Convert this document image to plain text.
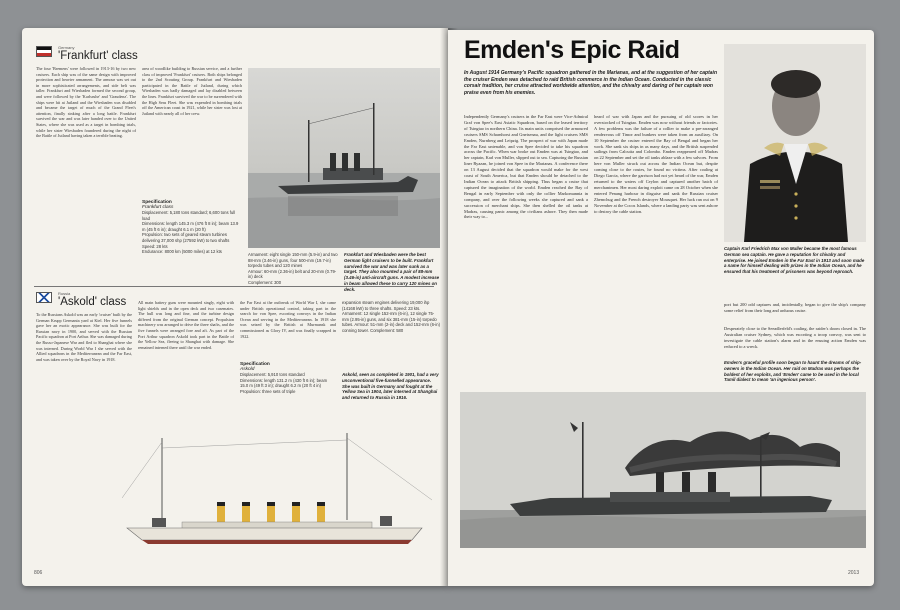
Germany
'Frankfurt' class
The four 'Bremens' were followed in 1913-16 by two new cruisers. Each ship was of the same design with improved protection and heavier armament. The armour was set out in more sophisticated arrangements, and side belt was taller. Frankfurt and Wiesbaden formed the second group, and were followed by the 'Karlsruhe' and 'Graudenz'. The ships were hit at Jutland and the Wiesbaden was disabled and became the target of much of the Grand Fleet's attention, finally sinking after a long battle. Frankfurt survived the war and was later handed over to the United States, where she was used as a target in bombing trials, while her sister Wiesbaden foundered during the night of the Battle of Jutland having taken a terrible beating.
area of woodlike building to Russian service, and a further class of improved 'Frankfurt' cruisers. Both ships belonged to the 2nd Scouting Group. Frankfurt and Wiesbaden participated in the Battle of Jutland, during which Wiesbaden was badly damaged and lay disabled between the lines. Frankfurt survived the war to be surrendered with the High Seas Fleet. She was expended in bombing trials off the American coast in 1921, while her sister was lost at Jutland with nearly all of her crew.
Specification
Frankfurt class
Displacement: 5,180 tons standard; 6,600 tons full load
Dimensions: length 145.3 m (476 ft 8 in); beam 13.9 m (45 ft 6 in); draught 6.1 m (20 ft)
Propulsion: two sets of geared steam turbines delivering 37,000 shp (27592 kW) to two shafts
Speed: 28 kts
Endurance: 8000 km (5000 miles) at 12 kts
Armament: eight single 150-mm (5.9-in) and two 88-mm (3.46-in) guns, four 500-mm (19.7-in) torpedo tubes and 120 mines
Armour: 60-mm (2.36-in) belt and 20-mm (0.79-in) deck
Complement: 300
Frankfurt and Wiesbaden were the best German light cruisers to be built. Frankfurt survived the war and was later sunk as a target. They also mounted a pair of 88-mm (3.46-in) anti-aircraft guns. A modest increase in beam allowed these to carry 120 mines on deck.
Russia
'Askold' class
To the Russians Askold was an early 'cruiser' built by the German Krupp Germania yard at Kiel. Her five funnels gave her an exotic appearance. She was built for the Russian navy in 1900, and served with the Russian Pacific squadron at Port Arthur. She was damaged during the Russo-Japanese War and fled to Shanghai where she was interned. During World War I she served with the Allied squadrons in the Mediterranean and the Far East, and was taken over by the Royal Navy in 1918.
All main battery guns were mounted singly, eight with light shields and in the open deck and two casemates. The hull was long and fine, and the turbine design differed from the original German concept. Propulsion machinery was arranged to drive the three shafts, and the five funnels were arranged fore and aft. As part of the Port Arthur squadron Askold took part in the Battle of the Yellow Sea, fleeing to Shanghai with damage. She remained interned there until the war ended.
the Far East at the outbreak of World War I, she came under British operational control, taking part in the search for von Spee, escorting convoys in the Indian Ocean and serving in the Mediterranean. In 1918 she was seized by the British at Murmansk and commissioned as Glory IV, and was finally scrapped in 1922.
Specification
Askold
Displacement: 5,910 tons standard
Dimensions: length 131.2 m (430 ft 6 in); beam 15.0 m (49 ft 3 in); draught 6.2 m (20 ft 4 in)
Propulsion: three sets of triple
expansion steam engines delivering 19,000 ihp (14168 kW) to three shafts. Speed: 23 kts. Armament: 12 single 152-mm (6-in), 12 single 75-mm (2.95-in) guns, and six 381-mm (15-in) torpedo tubes. Armour: 51-mm (2-in) deck and 152-mm (6-in) conning tower. Complement: 580
Askold, seen as completed in 1901, had a very unconventional five-funnelled appearance. She was built in Germany and fought at the Yellow Sea in 1904, later interned at Shanghai and returned to Russia in 1916.
806
Emden's Epic Raid
In August 1914 Germany's Pacific squadron gathered in the Marianas, and at the suggestion of her captain the cruiser Emden was detached to raid British commerce in the Indian Ocean. Conducted in the classic corsair tradition, her cruise attracted worldwide attention, and the chivalry and daring of her captain won praise even from his enemies.
Independently Germany's cruisers in the Far East were Vice-Admiral Graf von Spee's East Asiatic Squadron, based on the leased territory of Tsingtao in northern China. Its main units comprised the armoured cruisers SMS Scharnhorst and Gneisenau, and the light cruisers SMS Emden, Nurnberg and Leipzig. The prospect of war with Japan made the Far East untenable, and von Spee decided to take his squadron across the Pacific. When war broke out Emden was at Tsingtao, and her captain, Karl von Muller, slipped out to sea. Capturing the Russian liner Ryazan, he joined von Spee in the Marianas. A conference there on 13 August decided that the squadron would make for the west coast of South America, but that Emden should be detached to the Indian Ocean to attack British shipping. Thus began a cruise that captured the imagination of the world. Emden reached the Bay of Bengal in early September with only the collier Markomannia in company, and over the following weeks she captured and sank a succession of merchant ships. She then shelled the oil tanks at Madras, causing panic among the civilians ashore. They then made their way to...
heard of war with Japan and the pursuing of old scores in her overstocked of Tsingtao. Emden was now without friends or factories. A few problems was the failure of a collier to make a pre-arranged rendezvous off Timor and bunkers were taken from an auxiliary. On 10 September the cruiser entered the Bay of Bengal and began her work. She sank six ships in as many days, and the British suspended sailings from Calcutta and Colombo. Emden reappeared off Madras on 22 September and set the oil tanks ablaze with a few salvoes. From here von Muller struck out across the Indian Ocean but, despite coming close to the routes, he found no victims. After coaling at Diego Garcia, where the garrison had not yet heard of the war, Emden returned to the waters off Ceylon and captured another batch of merchantmen. Her most daring exploit came on 28 October when she entered Penang harbour in disguise and sank the Russian cruiser Zhemchug and the French destroyer Mousquet. Her luck ran out on 9 November at the Cocos Islands, where a landing party was sent ashore to destroy the cable station.
Captain Karl Friedrich Max von Muller became the most famous German sea captain. He gave a reputation for chivalry and enterprise. He joined Emden in the Far East in 1913 and soon made a name for himself dealing with prizes in the Indian Ocean, and he ensured that his treatment of prisoners was beyond reproach.
port but 200 odd captures and, incidentally, began to give the ship's company some relief from their long and arduous cruise.
Desperately close to the Seeadlerfeld's coaling, the raider's doom closed in. The Australian cruiser Sydney, which was escorting a troop convoy, was sent to investigate the cable station's alarm and in the ensuing action Emden was reduced to a wreck.
Emden's graceful profile soon began to haunt the dreams of ship-owners in the Indian Ocean. Her raid on Madras was perhaps the boldest of her exploits, and 'Emden' came to be used in the local Tamil dialect to mean 'an ingenious person'.
2013
